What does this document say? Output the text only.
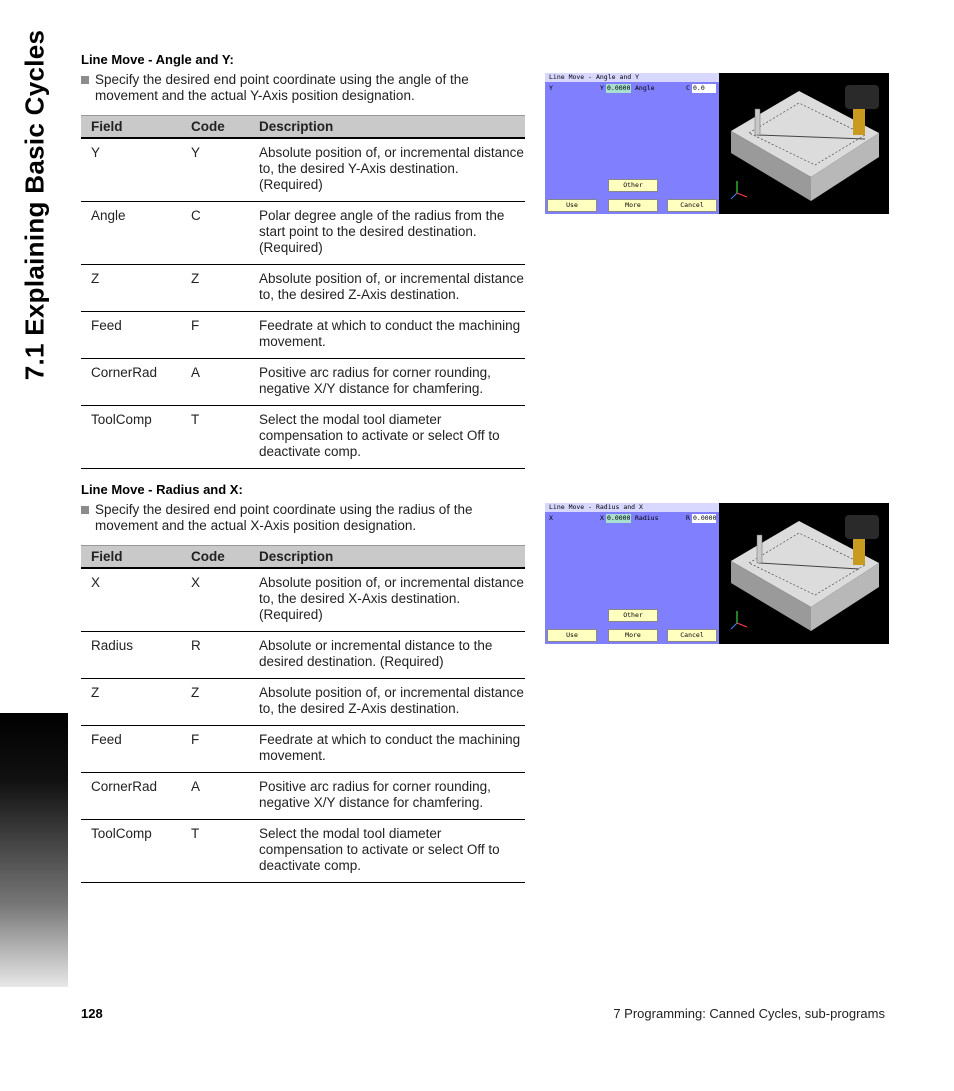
7.1 Explaining Basic Cycles Line Move - Angle and Y:
Specify the desired end point coordinate using the angle of the movement and the actual Y-Axis position designation.
Field	Code	Description
Y	Y	Absolute position of, or incremental distance to, the desired Y-Axis destination. (Required)
Angle	C	Polar degree angle of the radius from the start point to the desired destination. (Required)
Z	Z	Absolute position of, or incremental distance to, the desired Z-Axis destination.
Feed	F	Feedrate at which to conduct the machining movement.
CornerRad	A	Positive arc radius for corner rounding, negative X/Y distance for chamfering.
ToolComp	T	Select the modal tool diameter compensation to activate or select Off to deactivate comp.
Line Move - Angle and Y
Y	Y	Angle	C
0.0000	0.0
Other
Use	More	Cancel
Line Move - Radius and X:
Specify the desired end point coordinate using the radius of the movement and the actual X-Axis position designation.
Field	Code	Description
X	X	Absolute position of, or incremental distance to, the desired X-Axis destination. (Required)
Radius	R	Absolute or incremental distance to the desired destination. (Required)
Z	Z	Absolute position of, or incremental distance to, the desired Z-Axis destination.
Feed	F	Feedrate at which to conduct the machining movement.
CornerRad	A	Positive arc radius for corner rounding, negative X/Y distance for chamfering.
ToolComp	T	Select the modal tool diameter compensation to activate or select Off to deactivate comp.
Line Move - Radius and X
X	X	Radius	R
0.0000	0.0000
Other
Use	More	Cancel
128	7 Programming: Canned Cycles, sub-programs
